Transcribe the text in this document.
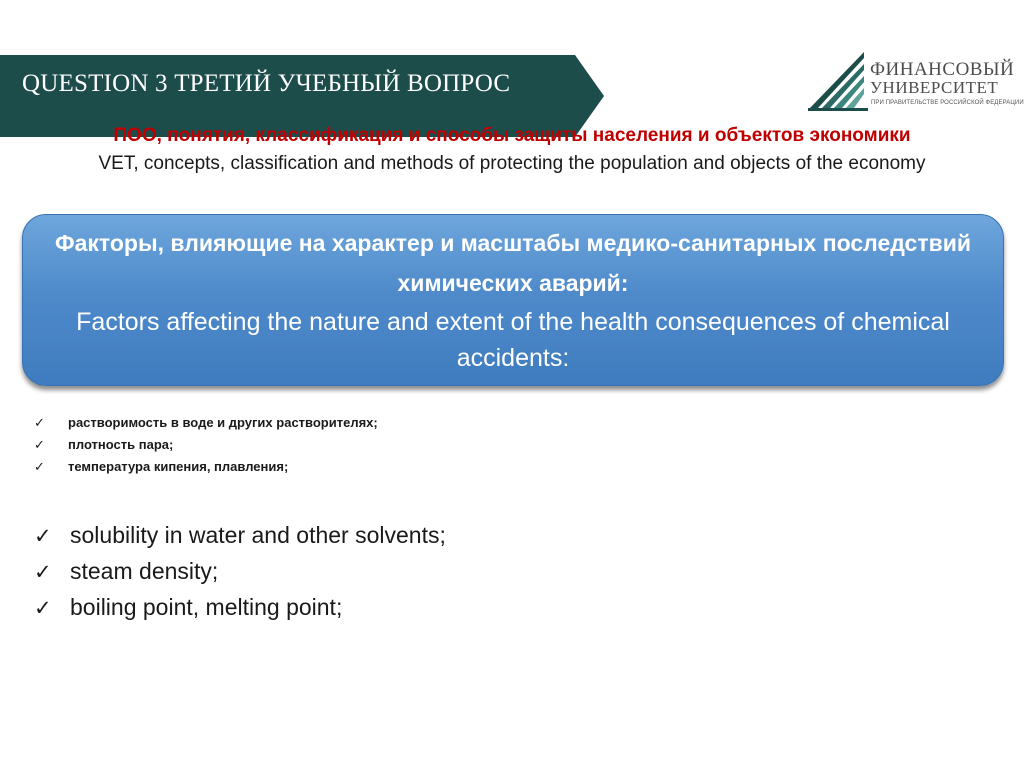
QUESTION 3 ТРЕТИЙ УЧЕБНЫЙ ВОПРОС
ФИНАНСОВЫЙ
УНИВЕРСИТЕТ
ПРИ ПРАВИТЕЛЬСТВЕ РОССИЙСКОЙ ФЕДЕРАЦИИ
ПОО, понятия, классификация и способы защиты населения и объектов экономики
VET, concepts, classification and methods of protecting the population and objects of the economy
Факторы, влияющие на характер и масштабы медико-санитарных последствий химических аварий:
Factors affecting the nature and extent of the health consequences of chemical accidents:
✓ растворимость в воде и других растворителях;
✓ плотность пара;
✓ температура кипения, плавления;
✓ solubility in water and other solvents;
✓ steam density;
✓ boiling point, melting point;
